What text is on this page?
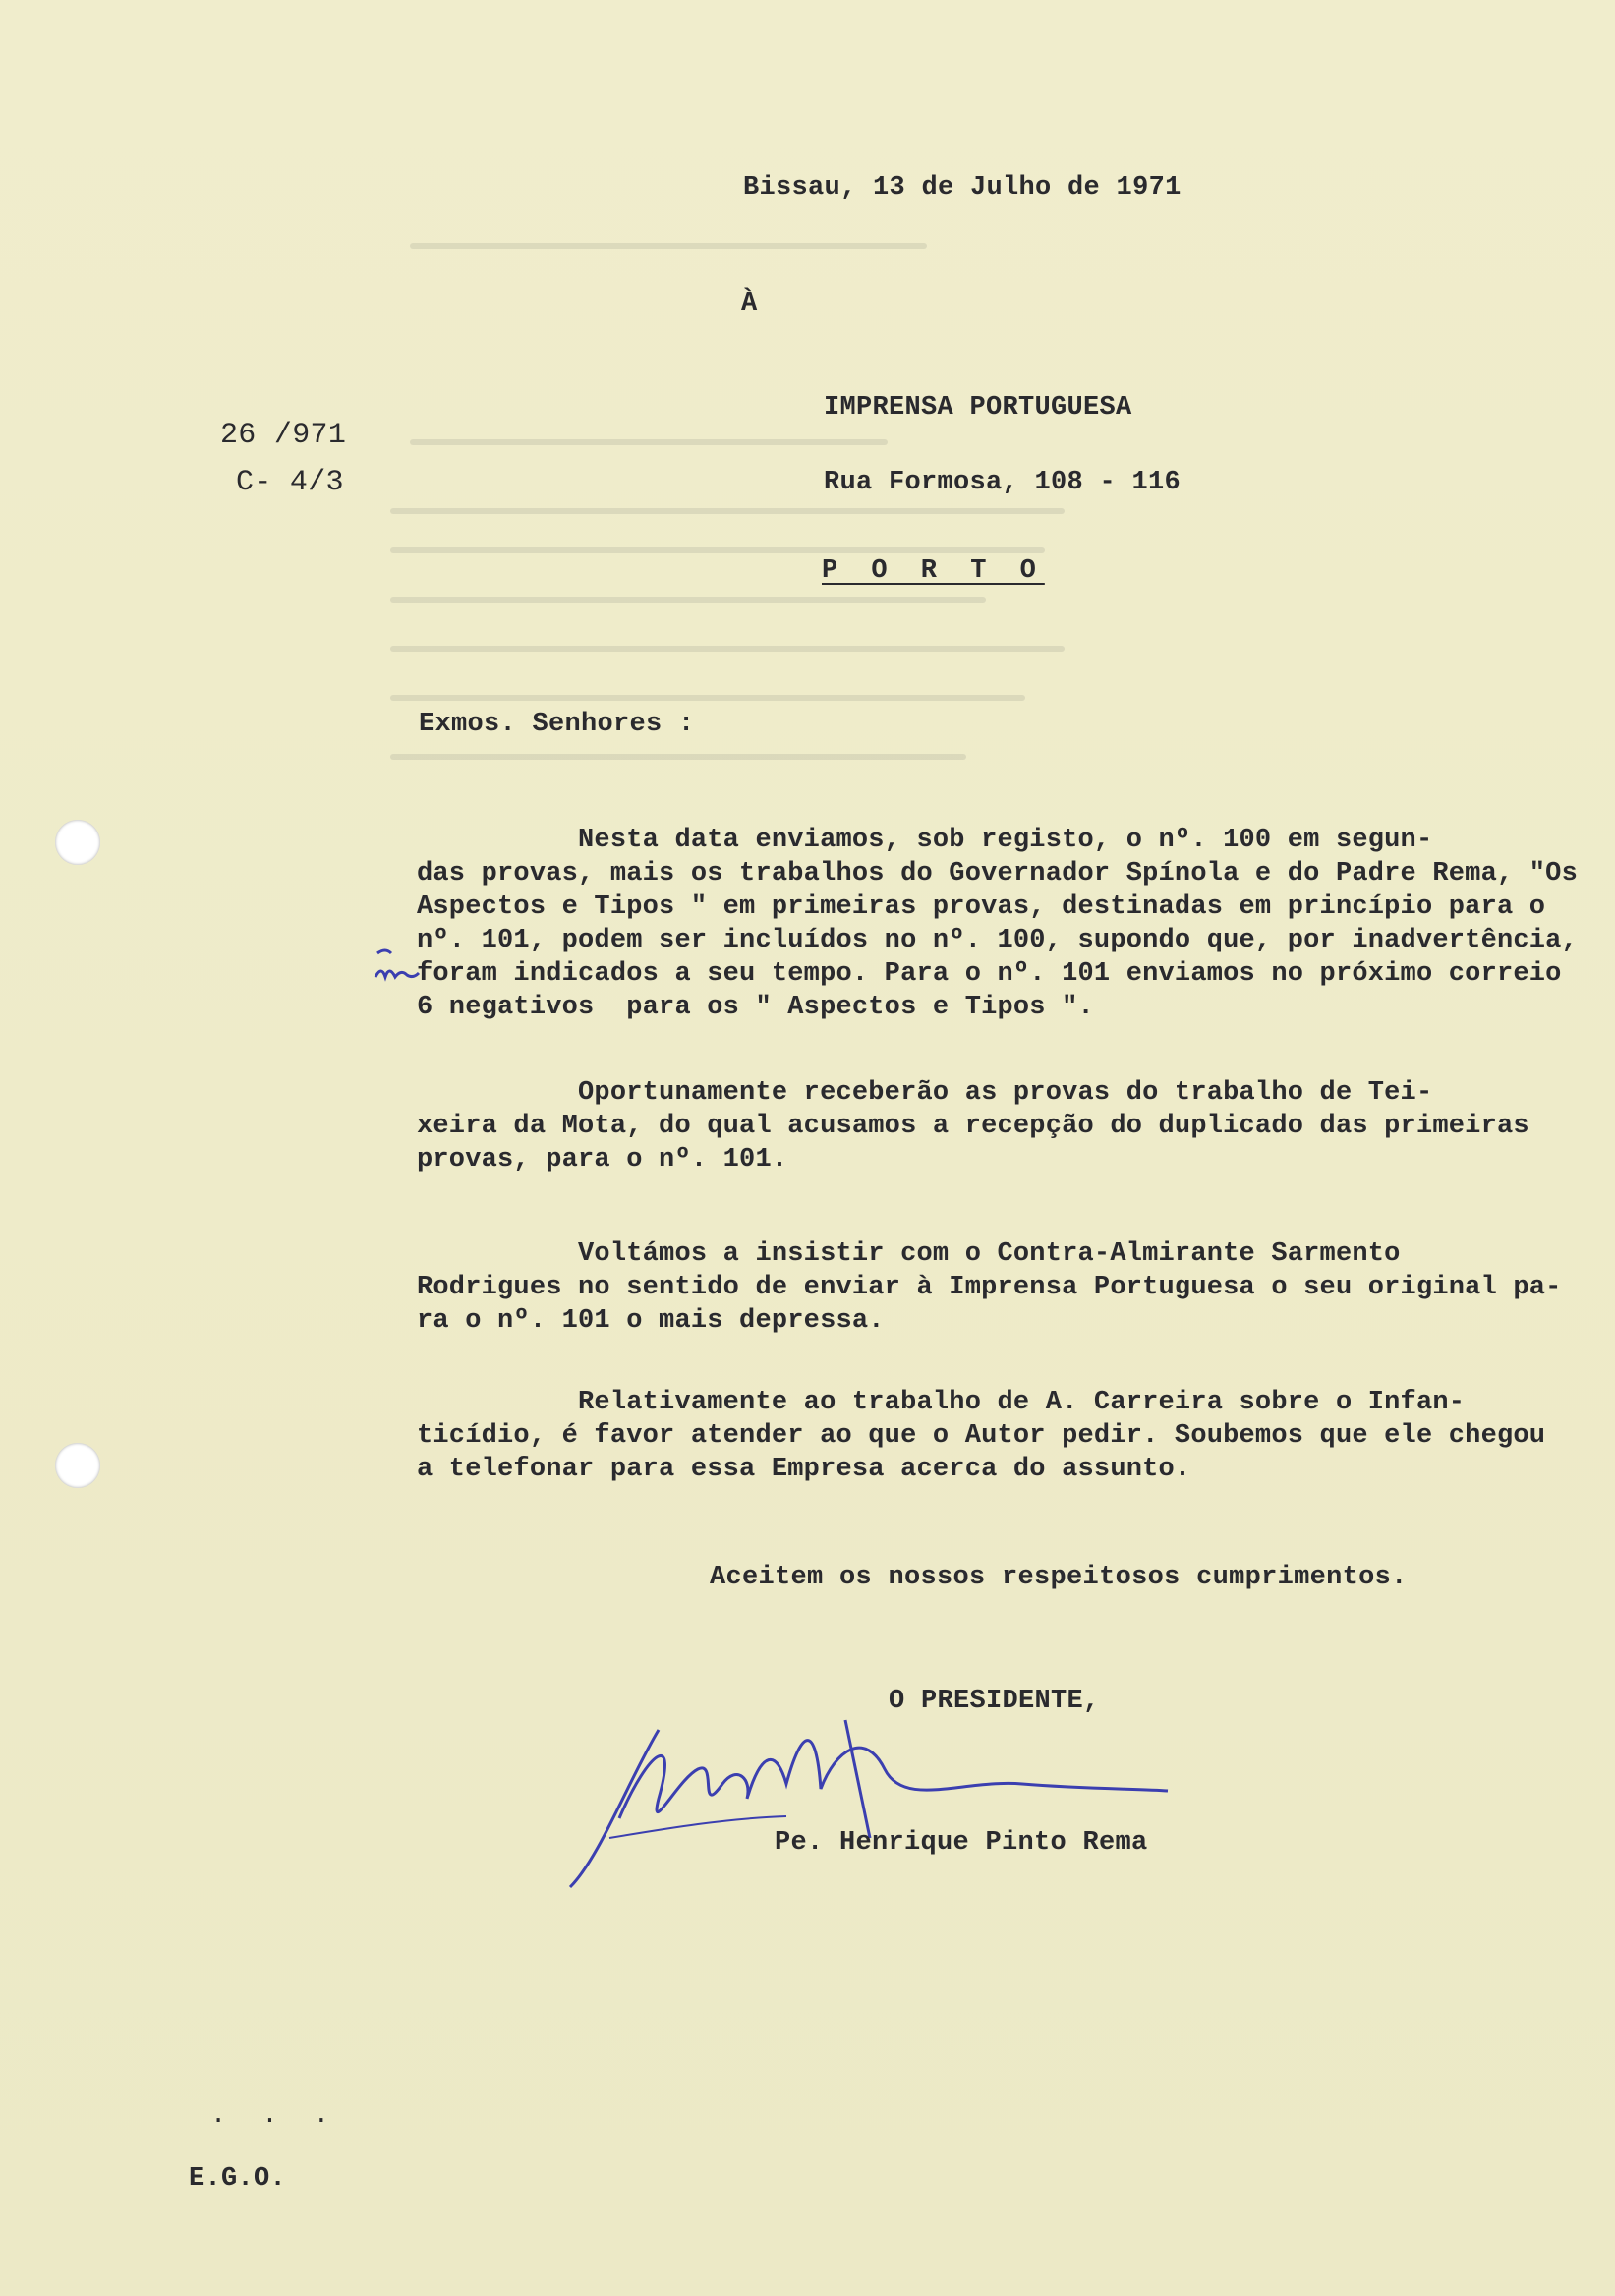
Bissau, 13 de Julho de 1971
À
26 /971
C- 4/3
IMPRENSA PORTUGUESA
Rua Formosa, 108 - 116
P O R T O
Exmos. Senhores :
Nesta data enviamos, sob registo, o nº. 100 em segun-
das provas, mais os trabalhos do Governador Spínola e do Padre Rema, "Os
Aspectos e Tipos " em primeiras provas, destinadas em princípio para o
nº. 101, podem ser incluídos no nº. 100, supondo que, por inadvertência,
foram indicados a seu tempo. Para o nº. 101 enviamos no próximo correio
6 negativos  para os " Aspectos e Tipos ".
Oportunamente receberão as provas do trabalho de Tei-
xeira da Mota, do qual acusamos a recepção do duplicado das primeiras
provas, para o nº. 101.
Voltámos a insistir com o Contra-Almirante Sarmento
Rodrigues no sentido de enviar à Imprensa Portuguesa o seu original pa-
ra o nº. 101 o mais depressa.
Relativamente ao trabalho de A. Carreira sobre o Infan-
ticídio, é favor atender ao que o Autor pedir. Soubemos que ele chegou
a telefonar para essa Empresa acerca do assunto.
Aceitem os nossos respeitosos cumprimentos.
O PRESIDENTE,
Pe. Henrique Pinto Rema
. . .
E.G.O.
